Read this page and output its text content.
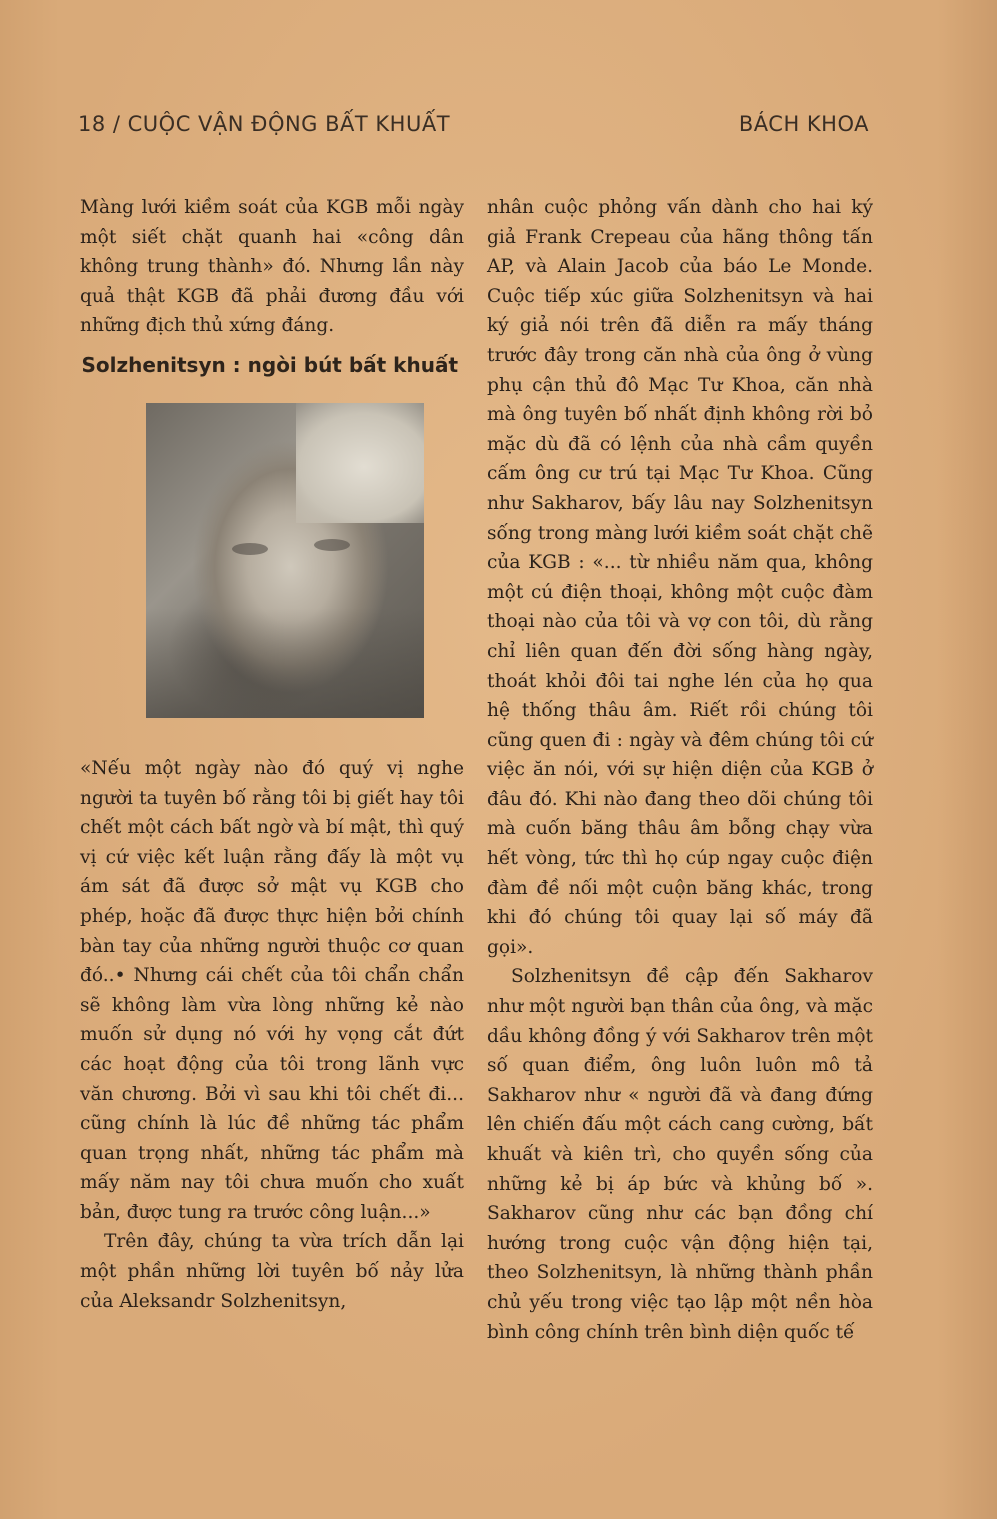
18 / CUỘC VẬN ĐỘNG BẤT KHUẤT	BÁCH KHOA

Màng lưới kiềm soát của KGB mỗi ngày một siết chặt quanh hai «công dân không trung thành» đó. Nhưng lần này quả thật KGB đã phải đương đầu với những địch thủ xứng đáng.

Solzhenitsyn : ngòi bút bất khuất

«Nếu một ngày nào đó quý vị nghe người ta tuyên bố rằng tôi bị giết hay tôi chết một cách bất ngờ và bí mật, thì quý vị cứ việc kết luận rằng đấy là một vụ ám sát đã được sở mật vụ KGB cho phép, hoặc đã được thực hiện bởi chính bàn tay của những người thuộc cơ quan đó..• Nhưng cái chết của tôi chẩn chẩn sẽ không làm vừa lòng những kẻ nào muốn sử dụng nó với hy vọng cắt đứt các hoạt động của tôi trong lãnh vực văn chương. Bởi vì sau khi tôi chết đi... cũng chính là lúc đề những tác phẩm quan trọng nhất, những tác phẩm mà mấy năm nay tôi chưa muốn cho xuất bản, được tung ra trước công luận...»

Trên đây, chúng ta vừa trích dẫn lại một phần những lời tuyên bố nảy lửa của Aleksandr Solzhenitsyn,

nhân cuộc phỏng vấn dành cho hai ký giả Frank Crepeau của hãng thông tấn AP, và Alain Jacob của báo Le Monde. Cuộc tiếp xúc giữa Solzhenitsyn và hai ký giả nói trên đã diễn ra mấy tháng trước đây trong căn nhà của ông ở vùng phụ cận thủ đô Mạc Tư Khoa, căn nhà mà ông tuyên bố nhất định không rời bỏ mặc dù đã có lệnh của nhà cầm quyền cấm ông cư trú tại Mạc Tư Khoa. Cũng như Sakharov, bấy lâu nay Solzhenitsyn sống trong màng lưới kiềm soát chặt chẽ của KGB : «... từ nhiều năm qua, không một cú điện thoại, không một cuộc đàm thoại nào của tôi và vợ con tôi, dù rằng chỉ liên quan đến đời sống hàng ngày, thoát khỏi đôi tai nghe lén của họ qua hệ thống thâu âm. Riết rồi chúng tôi cũng quen đi : ngày và đêm chúng tôi cứ việc ăn nói, với sự hiện diện của KGB ở đâu đó. Khi nào đang theo dõi chúng tôi mà cuốn băng thâu âm bỗng chạy vừa hết vòng, tức thì họ cúp ngay cuộc điện đàm đề nối một cuộn băng khác, trong khi đó chúng tôi quay lại số máy đã gọi».

Solzhenitsyn đề cập đến Sakharov như một người bạn thân của ông, và mặc dầu không đồng ý với Sakharov trên một số quan điểm, ông luôn luôn mô tả Sakharov như « người đã và đang đứng lên chiến đấu một cách cang cường, bất khuất và kiên trì, cho quyền sống của những kẻ bị áp bức và khủng bố ». Sakharov cũng như các bạn đồng chí hướng trong cuộc vận động hiện tại, theo Solzhenitsyn, là những thành phần chủ yếu trong việc tạo lập một nền hòa bình công chính trên bình diện quốc tế
